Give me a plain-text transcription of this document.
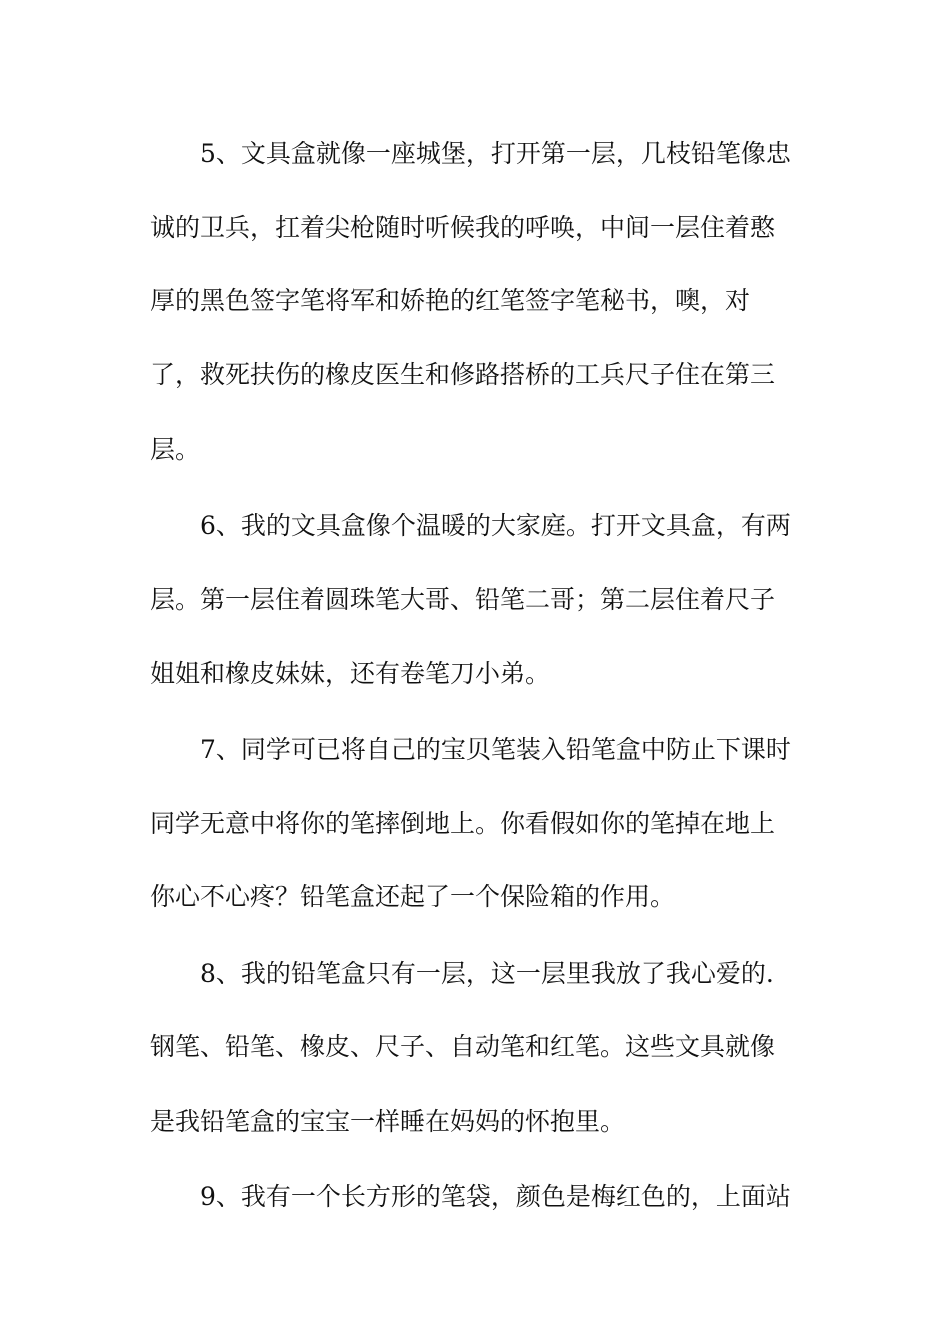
5、文具盒就像一座城堡，打开第一层，几枝铅笔像忠
诚的卫兵，扛着尖枪随时听候我的呼唤，中间一层住着憨
厚的黑色签字笔将军和娇艳的红笔签字笔秘书，噢，对
了，救死扶伤的橡皮医生和修路搭桥的工兵尺子住在第三
层。
6、我的文具盒像个温暖的大家庭。打开文具盒，有两
层。第一层住着圆珠笔大哥、铅笔二哥；第二层住着尺子
姐姐和橡皮妹妹，还有卷笔刀小弟。
7、同学可已将自己的宝贝笔装入铅笔盒中防止下课时
同学无意中将你的笔摔倒地上。你看假如你的笔掉在地上
你心不心疼？铅笔盒还起了一个保险箱的作用。
8、我的铅笔盒只有一层，这一层里我放了我心爱的.
钢笔、铅笔、橡皮、尺子、自动笔和红笔。这些文具就像
是我铅笔盒的宝宝一样睡在妈妈的怀抱里。
9、我有一个长方形的笔袋，颜色是梅红色的，上面站
